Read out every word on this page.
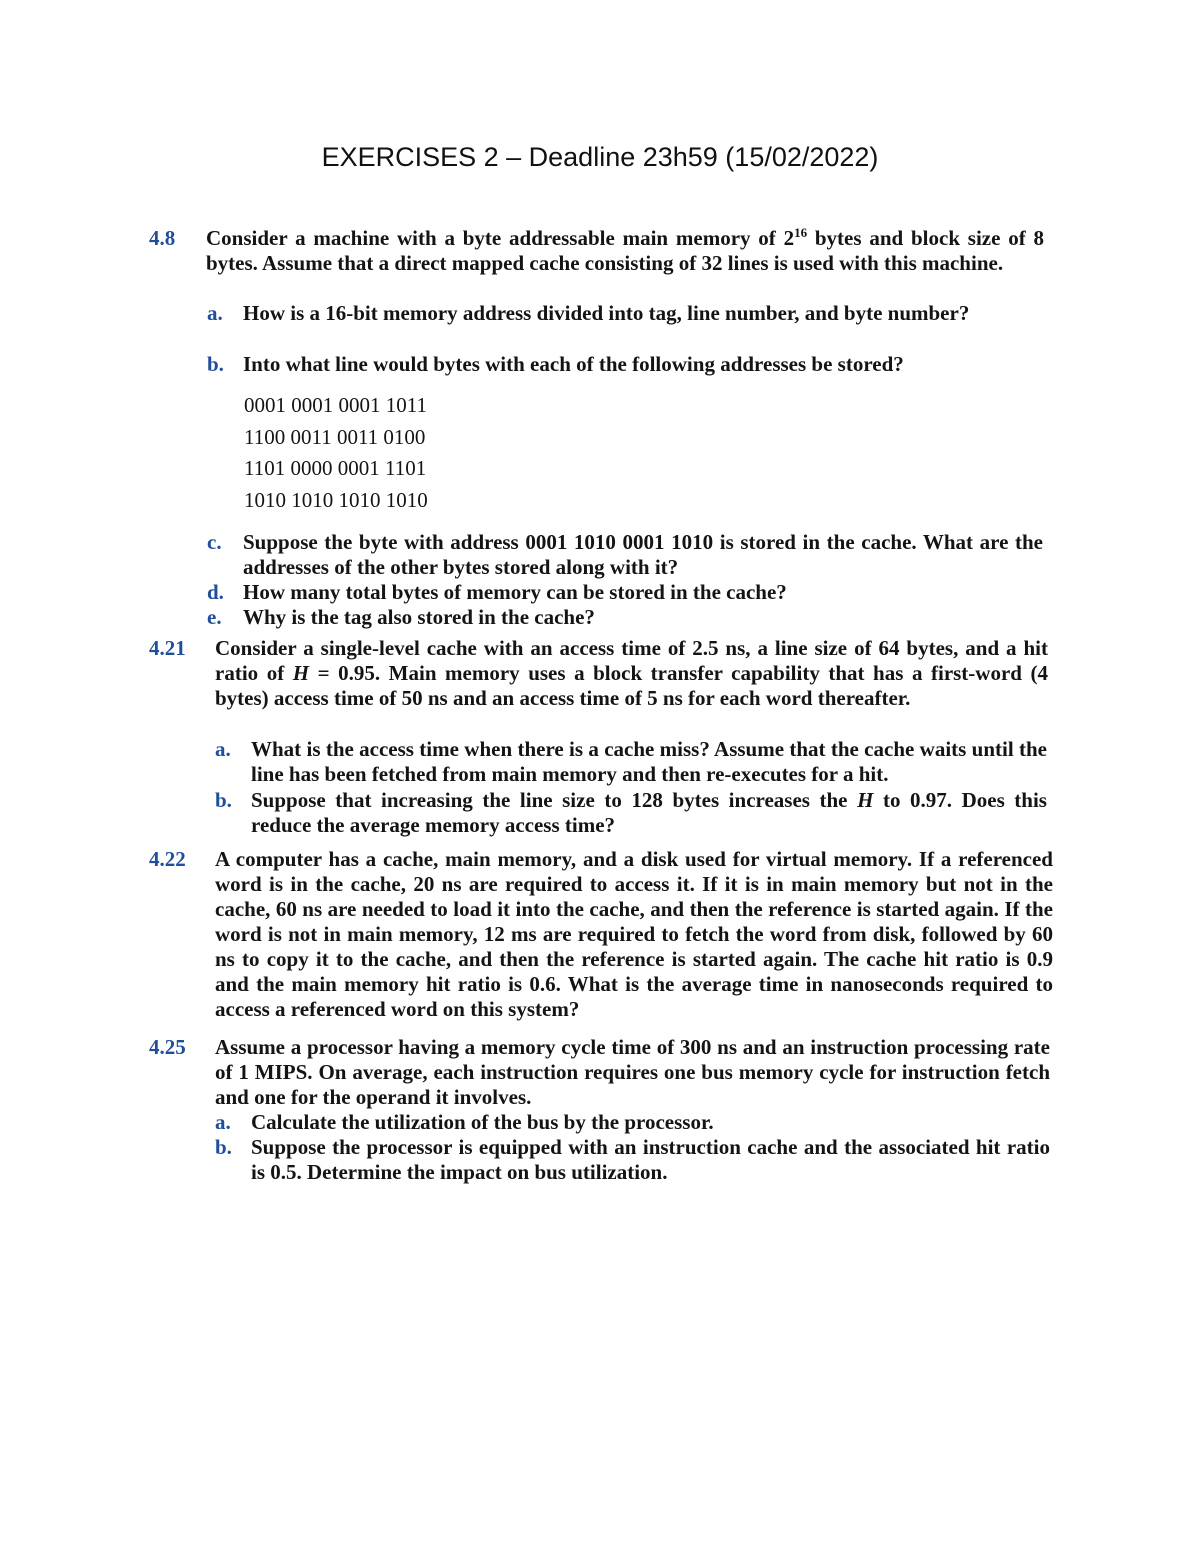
EXERCISES 2 – Deadline 23h59 (15/02/2022)
4.8 Consider a machine with a byte addressable main memory of $2^{16}$ bytes and block size of 8 bytes. Assume that a direct mapped cache consisting of 32 lines is used with this machine.
a. How is a 16-bit memory address divided into tag, line number, and byte number?
b. Into what line would bytes with each of the following addresses be stored?
0001 0001 0001 1011
1100 0011 0011 0100
1101 0000 0001 1101
1010 1010 1010 1010
c. Suppose the byte with address 0001 1010 0001 1010 is stored in the cache. What are the addresses of the other bytes stored along with it?
d. How many total bytes of memory can be stored in the cache?
e. Why is the tag also stored in the cache?
4.21 Consider a single-level cache with an access time of 2.5 ns, a line size of 64 bytes, and a hit ratio of H = 0.95. Main memory uses a block transfer capability that has a first-word (4 bytes) access time of 50 ns and an access time of 5 ns for each word thereafter.
a. What is the access time when there is a cache miss? Assume that the cache waits until the line has been fetched from main memory and then re-executes for a hit.
b. Suppose that increasing the line size to 128 bytes increases the H to 0.97. Does this reduce the average memory access time?
4.22 A computer has a cache, main memory, and a disk used for virtual memory. If a referenced word is in the cache, 20 ns are required to access it. If it is in main memory but not in the cache, 60 ns are needed to load it into the cache, and then the reference is started again. If the word is not in main memory, 12 ms are required to fetch the word from disk, followed by 60 ns to copy it to the cache, and then the reference is started again. The cache hit ratio is 0.9 and the main memory hit ratio is 0.6. What is the average time in nanoseconds required to access a referenced word on this system?
4.25 Assume a processor having a memory cycle time of 300 ns and an instruction processing rate of 1 MIPS. On average, each instruction requires one bus memory cycle for instruction fetch and one for the operand it involves.
a. Calculate the utilization of the bus by the processor.
b. Suppose the processor is equipped with an instruction cache and the associated hit ratio is 0.5. Determine the impact on bus utilization.
